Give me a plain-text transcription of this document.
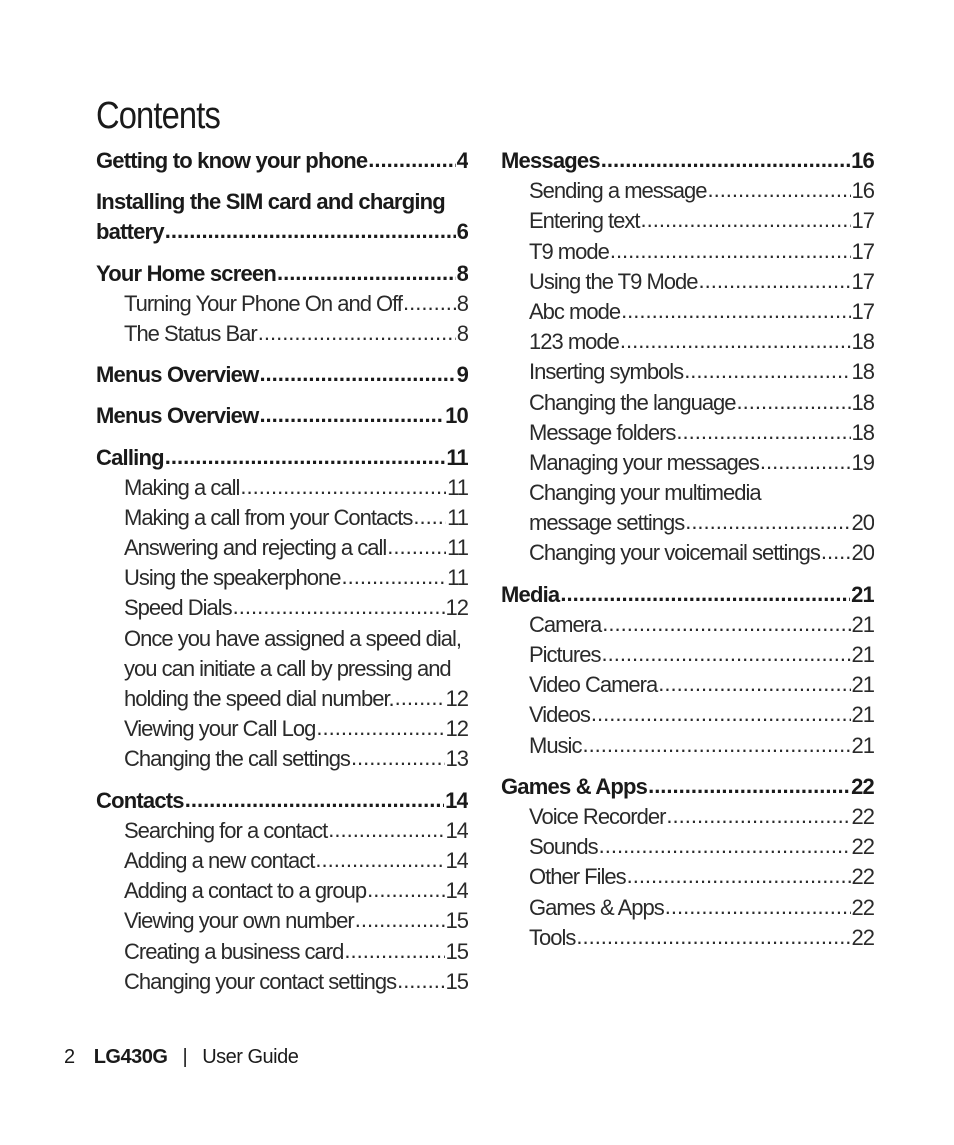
Contents
Getting to know your phone .....	4
Installing the SIM card and charging
battery .....	6
Your Home screen .....	8
Turning Your Phone On and Off ..... 8
The Status Bar .....	8
Menus Overview .....	9
Menus Overview .....	10
Calling .....	11
Making a call .....	11
Making a call from your Contacts ..... 11
Answering and rejecting a call .....	11
Using the speakerphone .....	11
Speed Dials .....	12
Once you have assigned a speed dial,
you can initiate a call by pressing and
holding the speed dial number. ..... 12
Viewing your Call Log .....	12
Changing the call settings .....	13
Contacts .....	14
Searching for a contact .....	14
Adding a new contact .....	14
Adding a contact to a group .....	14
Viewing your own number .....	15
Creating a business card .....	15
Changing your contact settings ..... 15
Messages .....	16
Sending a message .....	16
Entering text .....	17
T9 mode .....	17
Using the T9 Mode .....	17
Abc mode .....	17
123 mode .....	18
Inserting symbols .....	18
Changing the language .....	18
Message folders .....	18
Managing your messages .....	19
Changing your multimedia
message settings .....	20
Changing your voicemail settings ..... 20
Media .....	21
Camera .....	21
Pictures .....	21
Video Camera .....	21
Videos .....	21
Music .....	21
Games & Apps .....	22
Voice Recorder .....	22
Sounds .....	22
Other Files .....	22
Games & Apps .....	22
Tools .....	22
2 LG430G | User Guide
